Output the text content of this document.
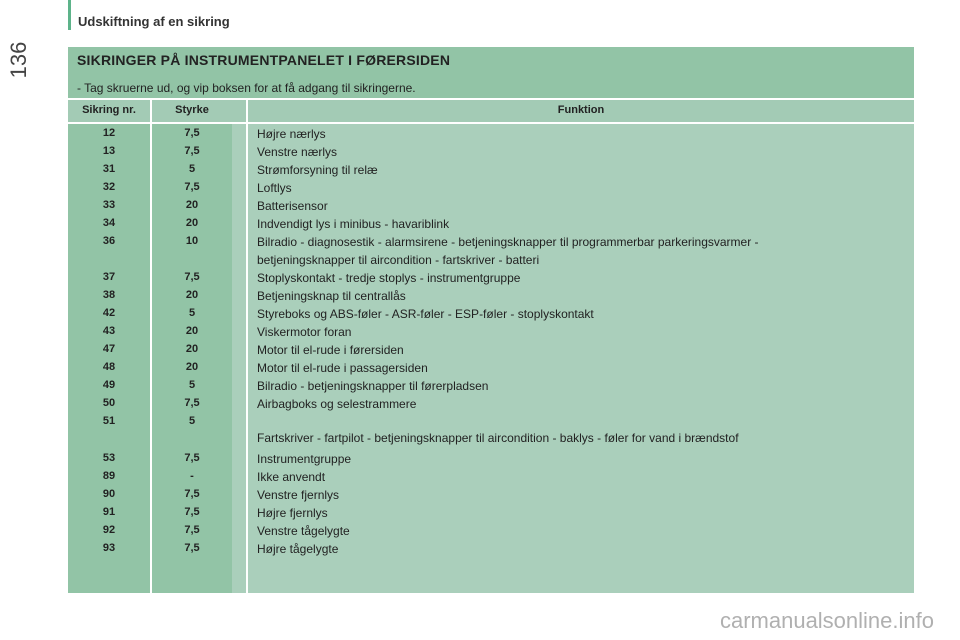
Udskiftning af en sikring
136	SIKRINGER PÅ INSTRUMENTPANELET I FØRERSIDEN
- Tag skruerne ud, og vip boksen for at få adgang til sikringerne.
Sikring nr.	Styrke	Funktion
12	7,5	Højre nærlys
13	7,5	Venstre nærlys
31	5	Strømforsyning til relæ
32	7,5	Loftlys
33	20	Batterisensor
34	20	Indvendigt lys i minibus - havariblink
36	10	Bilradio - diagnosestik - alarmsirene - betjeningsknapper til programmerbar parkeringsvarmer -
betjeningsknapper til aircondition - fartskriver - batteri
37	7,5	Stoplyskontakt - tredje stoplys - instrumentgruppe
38	20	Betjeningsknap til centrallås
42	5	Styreboks og ABS-føler - ASR-føler - ESP-føler - stoplyskontakt
43	20	Viskermotor foran
47	20	Motor til el-rude i førersiden
48	20	Motor til el-rude i passagersiden
49	5	Bilradio - betjeningsknapper til førerpladsen
50	7,5	Airbagboks og selestrammere
51	5
Fartskriver - fartpilot - betjeningsknapper til aircondition - baklys - føler for vand i brændstof
53	7,5	Instrumentgruppe
89	-	Ikke anvendt
90	7,5	Venstre fjernlys
91	7,5	Højre fjernlys
92	7,5	Venstre tågelygte
93	7,5	Højre tågelygte
carmanualsonline.info
